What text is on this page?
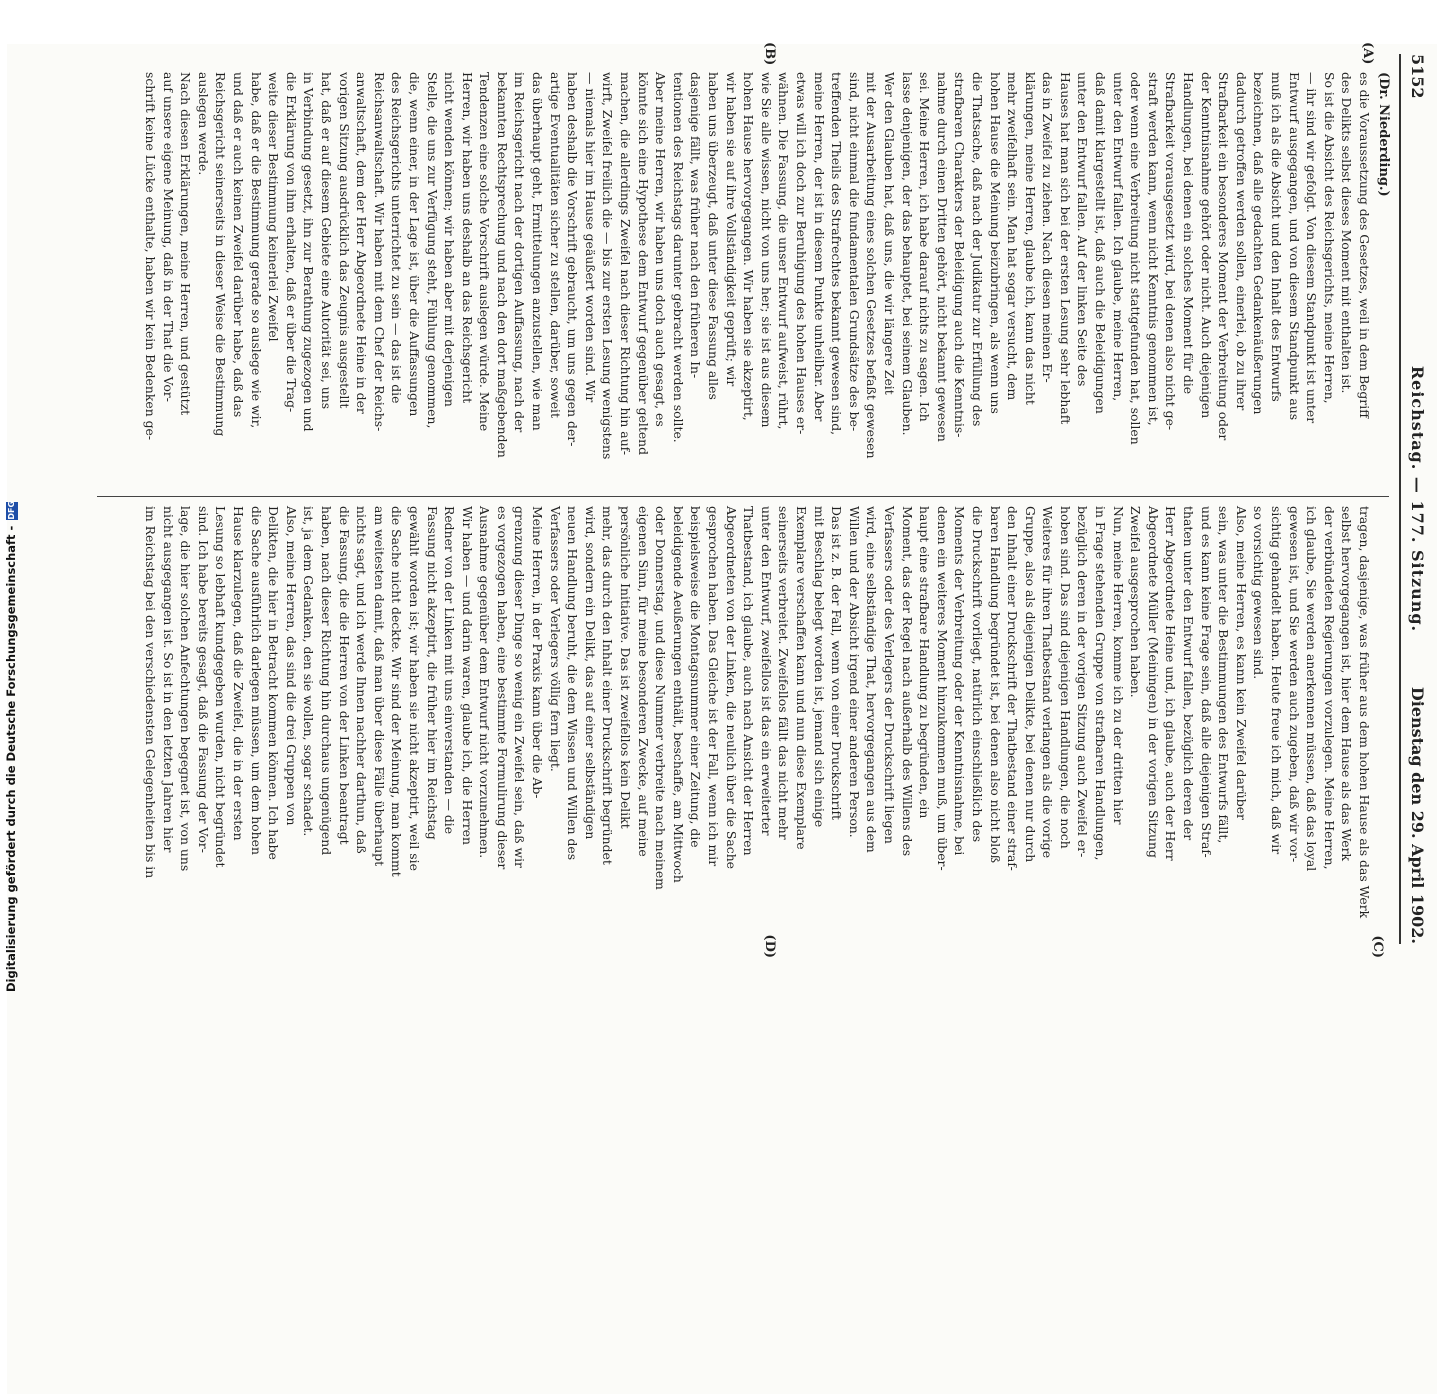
5152
Reichstag. — 177. Sitzung.
Dienstag den 29. April 1902.
(Dr. Niederding.)
(A)
(B)
(C)
(D)
es die Voraussetzung des Gesetzes, weil in dem Begriff
des Delikts selbst dieses Moment mit enthalten ist.
So ist die Absicht des Reichsgerichts, meine Herren,
— ihr sind wir gefolgt. Von diesem Standpunkt ist unter
Entwurf ausgegangen, und von diesem Standpunkt aus
muß ich als die Absicht und den Inhalt des Entwurfs
bezeichnen, daß alle gedachten Gedankenäußerungen
dadurch getroffen werden sollen, einerlei, ob zu ihrer
Strafbarkeit ein besonderes Moment der Verbreitung oder
der Kenntnisnahme gehört oder nicht. Auch diejenigen
Handlungen, bei denen ein solches Moment für die
Strafbarkeit vorausgesetzt wird, bei denen also nicht ge-
straft werden kann, wenn nicht Kenntnis genommen ist,
oder wenn eine Verbreitung nicht stattgefunden hat, sollen
unter den Entwurf fallen. Ich glaube, meine Herren,
daß damit klargestellt ist, daß auch die Beleidigungen
unter den Entwurf fallen. Auf der linken Seite des
Hauses hat man sich bei der ersten Lesung sehr lebhaft
das in Zweifel zu ziehen. Nach diesen meinen Er-
klärungen, meine Herren, glaube ich, kann das nicht
mehr zweifelhaft sein. Man hat sogar versucht, dem
hohen Hause die Meinung beizubringen, als wenn uns
die Thatsache, daß nach der Judikatur zur Erfüllung des
strafbaren Charakters der Beleidigung auch die Kenntnis-
nahme durch einen Dritten gehört, nicht bekannt gewesen
sei. Meine Herren, ich habe darauf nichts zu sagen. Ich
lasse denjenigen, der das behauptet, bei seinem Glauben.
Wer den Glauben hat, daß uns, die wir längere Zeit
mit der Ausarbeitung eines solchen Gesetzes befaßt gewesen
sind, nicht einmal die fundamentalen Grundsätze des be-
treffenden Theils des Strafrechtes bekannt gewesen sind,
meine Herren, der ist in diesem Punkte unheilbar. Aber
etwas will ich doch zur Beruhigung des hohen Hauses er-
wähnen. Die Fassung, die unser Entwurf aufweist, rührt,
wie Sie alle wissen, nicht von uns her; sie ist aus diesem
hohen Hause hervorgegangen. Wir haben sie akzeptirt,
wir haben sie auf ihre Vollständigkeit geprüft; wir
haben uns überzeugt, daß unter diese Fassung alles
dasjenige fällt, was früher nach den früheren In-
tentionen des Reichstags darunter gebracht werden sollte.
Aber meine Herren, wir haben uns doch auch gesagt, es
könnte sich eine Hypothese dem Entwurf gegenüber geltend
machen, die allerdings Zweifel nach dieser Richtung hin auf-
wirft, Zweifel freilich die — bis zur ersten Lesung wenigstens
— niemals hier im Hause geäußert worden sind. Wir
haben deshalb die Vorschrift gebraucht, um uns gegen der-
artige Eventualitäten sicher zu stellen, darüber, soweit
das überhaupt geht, Ermittelungen anzustellen, wie man
im Reichsgericht nach der dortigen Auffassung, nach der
bekannten Rechtsprechung und nach den dort maßgebenden
Tendenzen eine solche Vorschrift auslegen würde. Meine
Herren, wir haben uns deshalb an das Reichsgericht
nicht wenden können; wir haben aber mit derjenigen
Stelle, die uns zur Verfügung steht, Fühlung genommen,
die, wenn einer, in der Lage ist, über die Auffassungen
des Reichsgerichts unterrichtet zu sein — das ist die
Reichsanwaltschaft. Wir haben mit dem Chef der Reichs-
anwaltschaft, dem der Herr Abgeordnete Heine in der
vorigen Sitzung ausdrücklich das Zeugnis ausgestellt
hat, daß er auf diesem Gebiete eine Autorität sei, uns
in Verbindung gesetzt, ihn zur Berathung zugezogen und
die Erklärung von ihm erhalten, daß er über die Trag-
weite dieser Bestimmung keinerlei Zweifel
habe, daß er die Bestimmung gerade so auslege wie wir,
und daß er auch keinen Zweifel darüber habe, daß das
Reichsgericht seinerseits in dieser Weise die Bestimmung
auslegen werde.
Nach diesen Erklärungen, meine Herren, und gestützt
auf unsere eigene Meinung, daß in der That die Vor-
schrift keine Lücke enthalte, haben wir kein Bedenken ge-
tragen, dasjenige, was früher aus dem hohen Hause als das Werk
selbst hervorgegangen ist, hier dem Hause als das Werk
der verbündeten Regierungen vorzulegen. Meine Herren,
ich glaube, Sie werden anerkennen müssen, daß das loyal
gewesen ist, und Sie werden auch zugeben, daß wir vor-
sichtig gehandelt haben. Heute freue ich mich, daß wir
so vorsichtig gewesen sind.
Also, meine Herren, es kann kein Zweifel darüber
sein, was unter die Bestimmungen des Entwurfs fällt,
und es kann keine Frage sein, daß alle diejenigen Straf-
thaten unter den Entwurf fallen, bezüglich deren der
Herr Abgeordnete Heine und, ich glaube, auch der Herr
Abgeordnete Müller (Meiningen) in der vorigen Sitzung
Zweifel ausgesprochen haben.
Nun, meine Herren, komme ich zu der dritten hier
in Frage stehenden Gruppe von strafbaren Handlungen,
bezüglich deren in der vorigen Sitzung auch Zweifel er-
hoben sind. Das sind diejenigen Handlungen, die noch
Weiteres für ihren Thatbestand verlangen als die vorige
Gruppe, also als diejenigen Delikte, bei denen nur durch
den Inhalt einer Druckschrift der Thatbestand einer straf-
baren Handlung begründet ist, bei denen also nicht bloß
die Druckschrift vorliegt, natürlich einschließlich des
Moments der Verbreitung oder der Kenntnisnahme, bei
denen ein weiteres Moment hinzukommen muß, um über-
haupt eine strafbare Handlung zu begründen, ein
Moment, das der Regel nach außerhalb des Willens des
Verfassers oder des Verlegers der Druckschrift liegen
wird, eine selbständige That, hervorgegangen aus dem
Willen und der Absicht irgend einer anderen Person.
Das ist z. B. der Fall, wenn von einer Druckschrift
mit Beschlag belegt worden ist, jemand sich einige
Exemplare verschaffen kann und nun diese Exemplare
seinerseits verbreitet. Zweifellos fällt das nicht mehr
unter den Entwurf, zweifellos ist das ein erweiterter
Thatbestand, ich glaube, auch nach Ansicht der Herren
Abgeordneten von der Linken, die neulich über die Sache
gesprochen haben. Das Gleiche ist der Fall, wenn ich mir
beispielsweise die Montagsnummer einer Zeitung, die
beleidigende Aeußerungen enthält, beschaffe, am Mittwoch
oder Donnerstag, und diese Nummer verbreite nach meinem
eigenen Sinn, für meine besonderen Zwecke, auf meine
persönliche Initiative. Das ist zweifellos kein Delikt
mehr, das durch den Inhalt einer Druckschrift begründet
wird, sondern ein Delikt, das auf einer selbständigen
neuen Handlung beruht, die dem Wissen und Willen des
Verfassers oder Verlegers völlig fern liegt.
Meine Herren, in der Praxis kann über die Ab-
grenzung dieser Dinge so wenig ein Zweifel sein, daß wir
es vorgezogen haben, eine bestimmte Formulirung dieser
Ausnahme gegenüber dem Entwurf nicht vorzunehmen.
Wir haben — und darin waren, glaube ich, die Herren
Redner von der Linken mit uns einverstanden — die
Fassung nicht akzeptirt, die früher hier im Reichstag
gewählt worden ist; wir haben sie nicht akzeptirt, weil sie
die Sache nicht deckte. Wir sind der Meinung, man kommt
am weitesten damit, daß man über diese Fälle überhaupt
nichts sagt, und ich werde Ihnen nachher darthun, daß
die Fassung, die die Herren von der Linken beantragt
haben, nach dieser Richtung hin durchaus ungenügend
ist, ja dem Gedanken, den sie wollen, sogar schadet.
Also, meine Herren, das sind die drei Gruppen von
Delikten, die hier in Betracht kommen können. Ich habe
die Sache ausführlich darlegen müssen, um dem hohen
Hause klarzulegen, daß die Zweifel, die in der ersten
Lesung so lebhaft kundgegeben wurden, nicht begründet
sind. Ich habe bereits gesagt, daß die Fassung der Vor-
lage, die hier solchen Anfechtungen begegnet ist, von uns
nicht ausgegangen ist. So ist in den letzten Jahren hier
im Reichstag bei den verschiedensten Gelegenheiten bis in
Digitalisierung gefördert durch die Deutsche Forschungsgemeinschaft -DFG
